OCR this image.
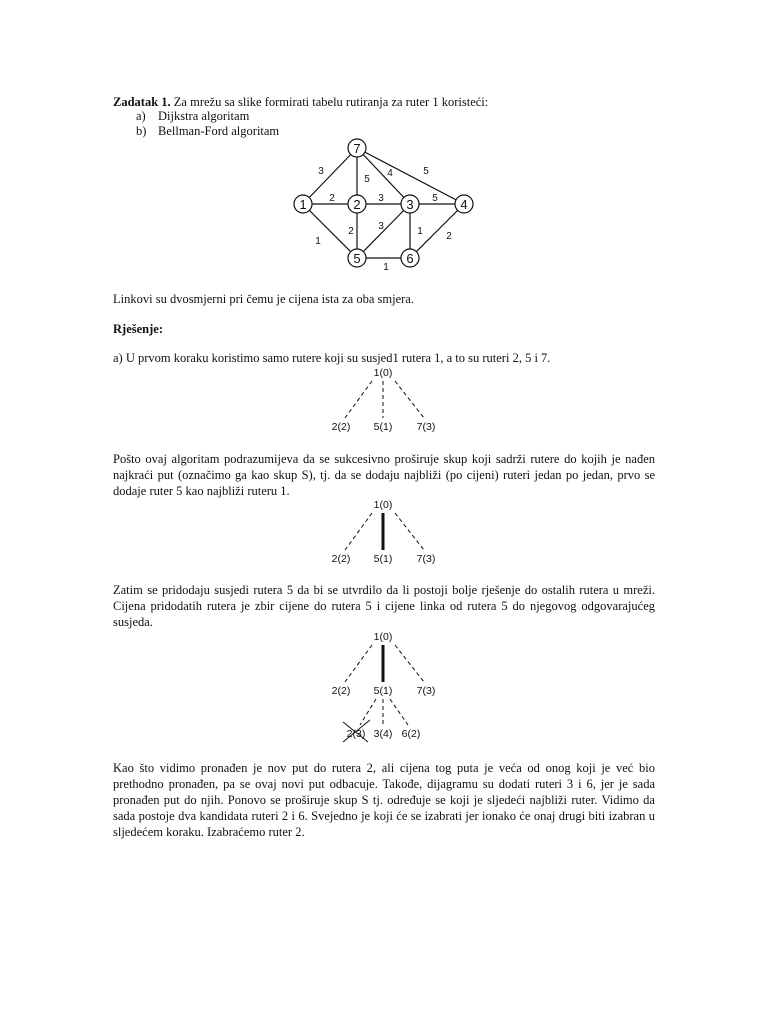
Zadatak 1. Za mrežu sa slike formirati tabelu rutiranja za ruter 1 koristeći:
a) Dijkstra algoritam
b) Bellman-Ford algoritam
7
1	2	3	4
5	6
3
5
4	5
2	3	5
1
2 3	1 2
1
Linkovi su dvosmjerni pri čemu je cijena ista za oba smjera.
Rješenje:
a) U prvom koraku koristimo samo rutere koji su susjed1 rutera 1, a to su ruteri 2, 5 i 7.
1(0)
2(2) 5(1) 7(3)
Pošto ovaj algoritam podrazumijeva da se sukcesivno proširuje skup koji sadrži rutere do kojih je nađen
najkraći put (označimo ga kao skup S), tj. da se dodaju najbliži (po cijeni) ruteri jedan po jedan, prvo se
dodaje ruter 5 kao najbliži ruteru 1.
1(0)
2(2) 5(1) 7(3)
Zatim se pridodaju susjedi rutera 5 da bi se utvrdilo da li postoji bolje rješenje do ostalih rutera u mreži.
Cijena pridodatih rutera je zbir cijene do rutera 5 i cijene linka od rutera 5 do njegovog odgovarajućeg
susjeda.
1(0)
2(2) 5(1) 7(3)
2(3) 3(4) 6(2)
Kao što vidimo pronađen je nov put do rutera 2, ali cijena tog puta je veća od onog koji je već bio
prethodno pronađen, pa se ovaj novi put odbacuje. Takođe, dijagramu su dodati ruteri 3 i 6, jer je sada
pronađen put do njih. Ponovo se proširuje skup S tj. određuje se koji je sljedeći najbliži ruter. Vidimo da
sada postoje dva kandidata ruteri 2 i 6. Svejedno je koji će se izabrati jer ionako će onaj drugi biti izabran u
sljedećem koraku. Izabraćemo ruter 2.
